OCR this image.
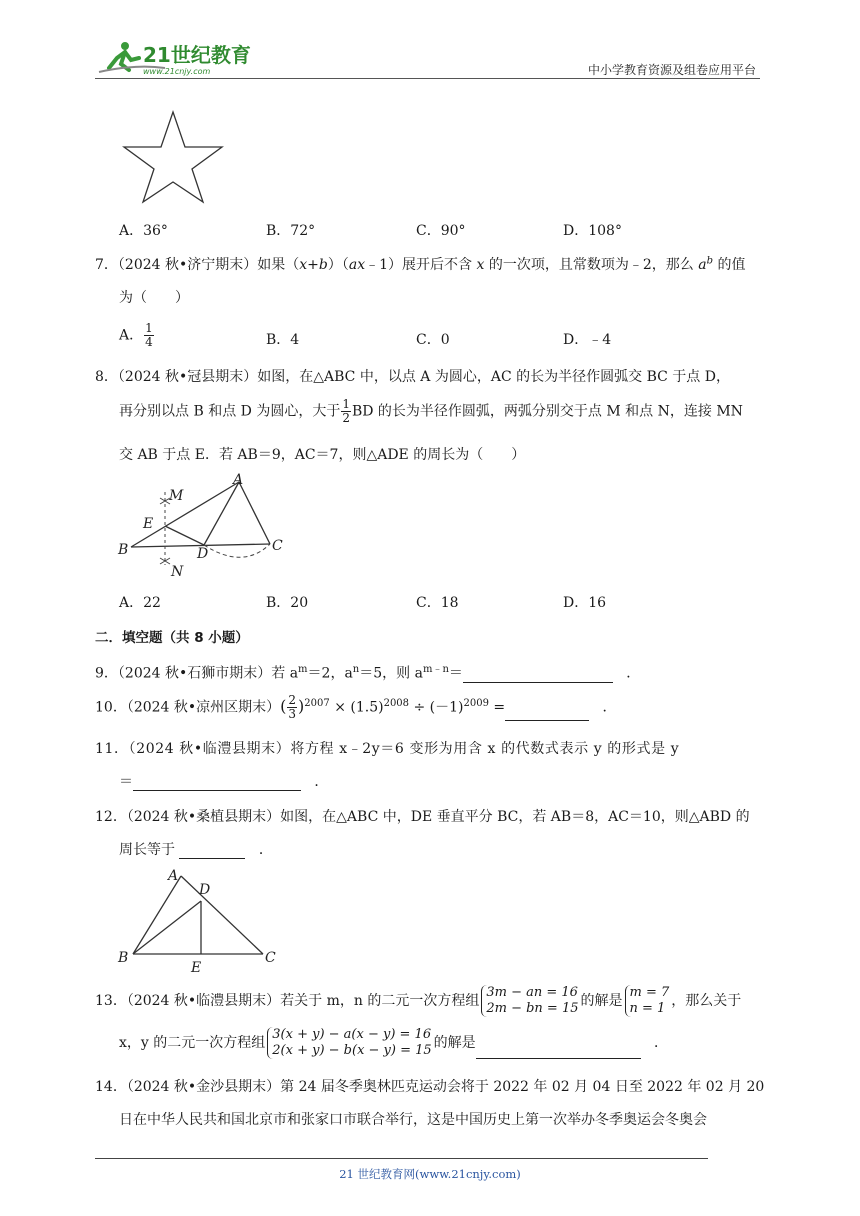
21世纪教育
www.21cnjy.com	中小学教育资源及组卷应用平台
A．36°	B．72°	C．90°	D．108°
7．（2024 秋•济宁期末）如果（x+b）（ax﹣1）展开后不含 x 的一次项，且常数项为﹣2，那么 $a^b$ 的值
为（　　）
A． $\frac{1}{4}$	B．4	C．0	D．﹣4
8．（2024 秋•冠县期末）如图，在△ABC 中，以点 A 为圆心，AC 的长为半径作圆弧交 BC 于点 D，
再分别以点 B 和点 D 为圆心，大于 $\frac{1}{2}$ BD 的长为半径作圆弧，两弧分别交于点 M 和点 N，连接 MN
交 AB 于点 E．若 AB＝9，AC＝7，则△ADE 的周长为（　　）
M
A
E
B	D	C
N
A．22	B．20	C．18	D．16
二．填空题（共 8 小题）
9．（2024 秋•石狮市期末）若 $a^m=2$，$a^n=5$，则 $a^{m﹣n}=$	．
10．（2024 秋•凉州区期末）( $\frac{2}{3} )^{2007} \times (1.5)^{2008} \div (-1)^{2009}$ =	．
11．（2024 秋•临澧县期末）将方程 x﹣2y＝6 变形为用含 x 的代数式表示 y 的形式是 y
＝	．
12．（2024 秋•桑植县期末）如图，在△ABC 中，DE 垂直平分 BC，若 AB＝8，AC＝10，则△ABD 的
周长等于	．
A
D
B
E
C
13．（2024 秋•临澧县期末）若关于 m，n 的二元一次方程组3m − an = 16
2m − bn = 15 的解是m = 7
n = 1 ，那么关于
x，y 的二元一次方程组3(x + y) − a(x − y) = 16
2(x + y) − b(x − y) = 15 的解是	．
14．（2024 秋•金沙县期末）第 24 届冬季奥林匹克运动会将于 2022 年 02 月 04 日至 2022 年 02 月 20
日在中华人民共和国北京市和张家口市联合举行，这是中国历史上第一次举办冬季奥运会冬奥会
21 世纪教育网(www.21cnjy.com)
